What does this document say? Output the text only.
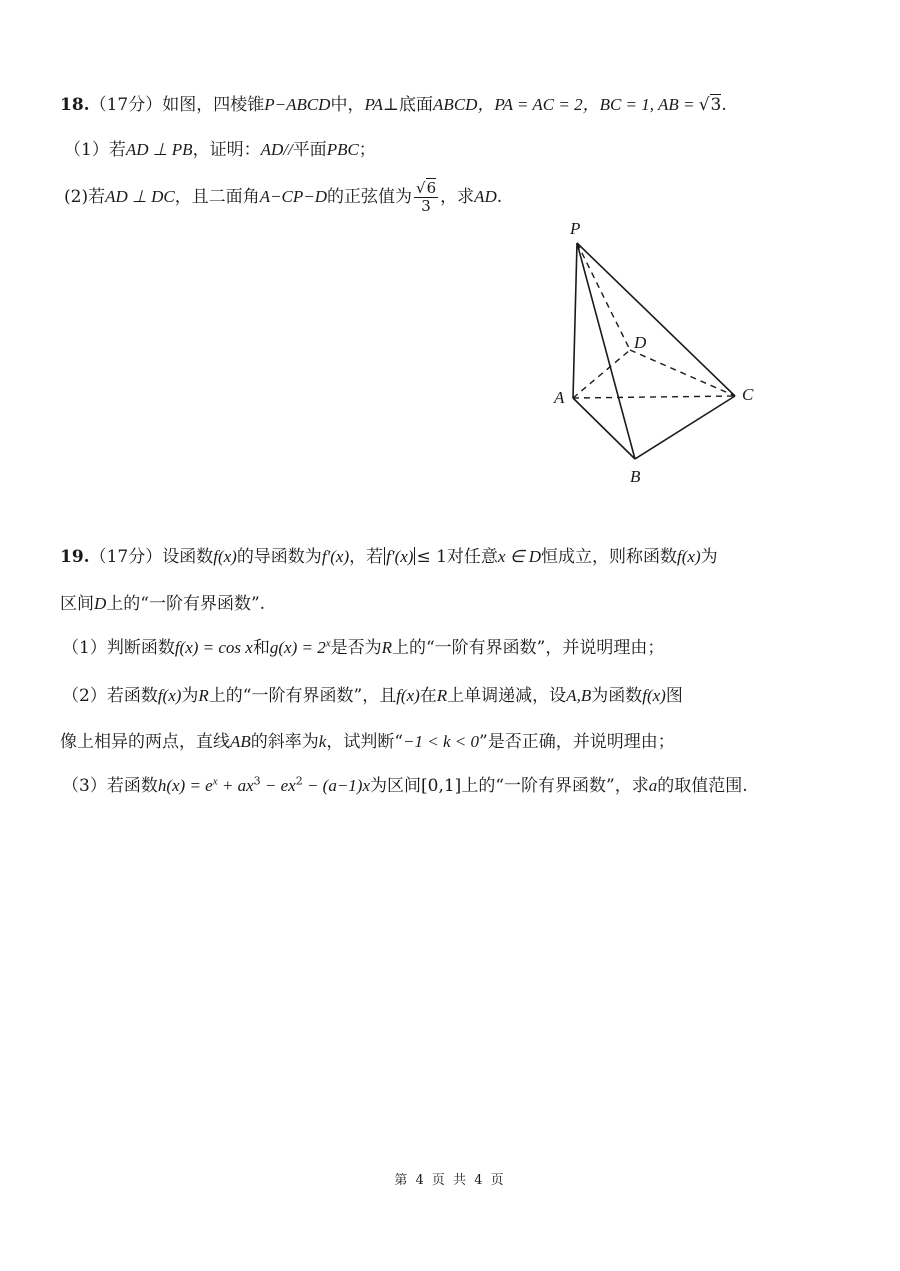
18.（17分）如图，四棱锥P−ABCD中，PA⊥底面ABCD，PA = AC = 2，BC = 1, AB = √3.
（1）若AD ⊥ PB，证明：AD//平面PBC；
(2)若AD ⊥ DC，且二面角A−CP−D的正弦值为 $\frac{√6}{3}$ ，求AD.
P
D
A	C
B
19.（17分）设函数f(x)的导函数为f′(x)，若 f′(x) ≤ 1对任意x ∈ D恒成立，则称函数f(x)为
区间D上的“一阶有界函数”.
（1）判断函数f(x) = cos x和$g(x) = 2^x$是否为R上的“一阶有界函数”，并说明理由；
（2）若函数f(x)为R上的“一阶有界函数”，且f(x)在R上单调递减，设A,B为函数f(x)图
像上相异的两点，直线AB的斜率为k，试判断“−1 < k < 0”是否正确，并说明理由；
（3）若函数$h(x) = e^x + ax^3 - ex^2 - (a-1)x$为区间[0,1]上的“一阶有界函数”，求a的取值范围.
第 4 页 共 4 页
